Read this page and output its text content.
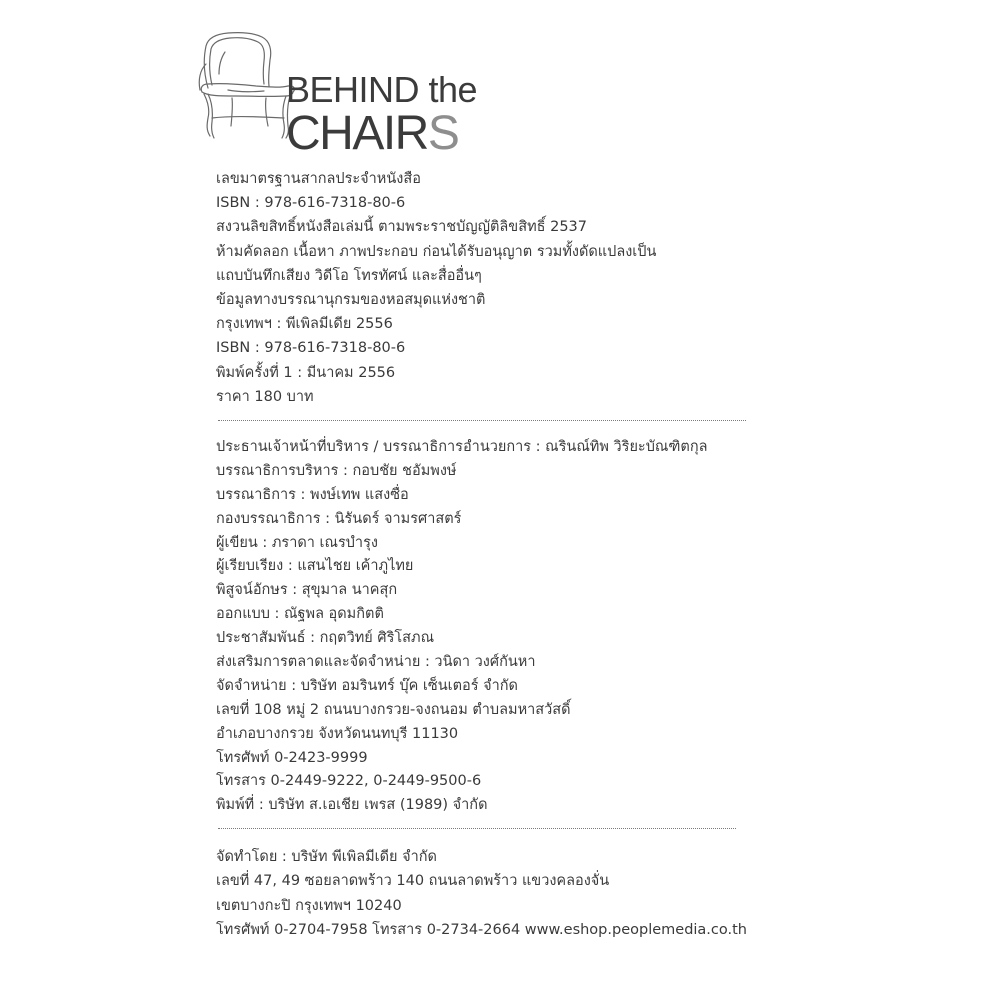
BEHIND the
CHAIRS
เลขมาตรฐานสากลประจำหนังสือ
ISBN : 978-616-7318-80-6
สงวนลิขสิทธิ์หนังสือเล่มนี้ ตามพระราชบัญญัติลิขสิทธิ์ 2537
ห้ามคัดลอก เนื้อหา ภาพประกอบ ก่อนได้รับอนุญาต รวมทั้งดัดแปลงเป็น
แถบบันทึกเสียง วิดีโอ โทรทัศน์ และสื่ออื่นๆ
ข้อมูลทางบรรณานุกรมของหอสมุดแห่งชาติ
กรุงเทพฯ : พีเพิลมีเดีย 2556
ISBN : 978-616-7318-80-6
พิมพ์ครั้งที่ 1 : มีนาคม 2556
ราคา 180 บาท
ประธานเจ้าหน้าที่บริหาร / บรรณาธิการอำนวยการ : ณรินณ์ทิพ วิริยะบัณฑิตกุล
บรรณาธิการบริหาร : กอบชัย ชอัมพงษ์
บรรณาธิการ : พงษ์เทพ แสงซื่อ
กองบรรณาธิการ : นิรันดร์ จามรศาสตร์
ผู้เขียน : ภราดา เณรบำรุง
ผู้เรียบเรียง : แสนไชย เค้าภูไทย
พิสูจน์อักษร : สุขุมาล นาคสุก
ออกแบบ : ณัฐพล อุดมกิตติ
ประชาสัมพันธ์ : กฤตวิทย์ ศิริโสภณ
ส่งเสริมการตลาดและจัดจำหน่าย : วนิดา วงศ์กันหา
จัดจำหน่าย : บริษัท อมรินทร์ บุ๊ค เซ็นเตอร์ จำกัด
เลขที่ 108 หมู่ 2 ถนนบางกรวย-จงถนอม ตำบลมหาสวัสดิ์
อำเภอบางกรวย จังหวัดนนทบุรี 11130
โทรศัพท์ 0-2423-9999
โทรสาร 0-2449-9222, 0-2449-9500-6
พิมพ์ที่ : บริษัท ส.เอเชีย เพรส (1989) จำกัด
จัดทำโดย : บริษัท พีเพิลมีเดีย จำกัด
เลขที่ 47, 49 ซอยลาดพร้าว 140 ถนนลาดพร้าว แขวงคลองจั่น
เขตบางกะปิ กรุงเทพฯ 10240
โทรศัพท์ 0-2704-7958 โทรสาร 0-2734-2664 www.eshop.peoplemedia.co.th
